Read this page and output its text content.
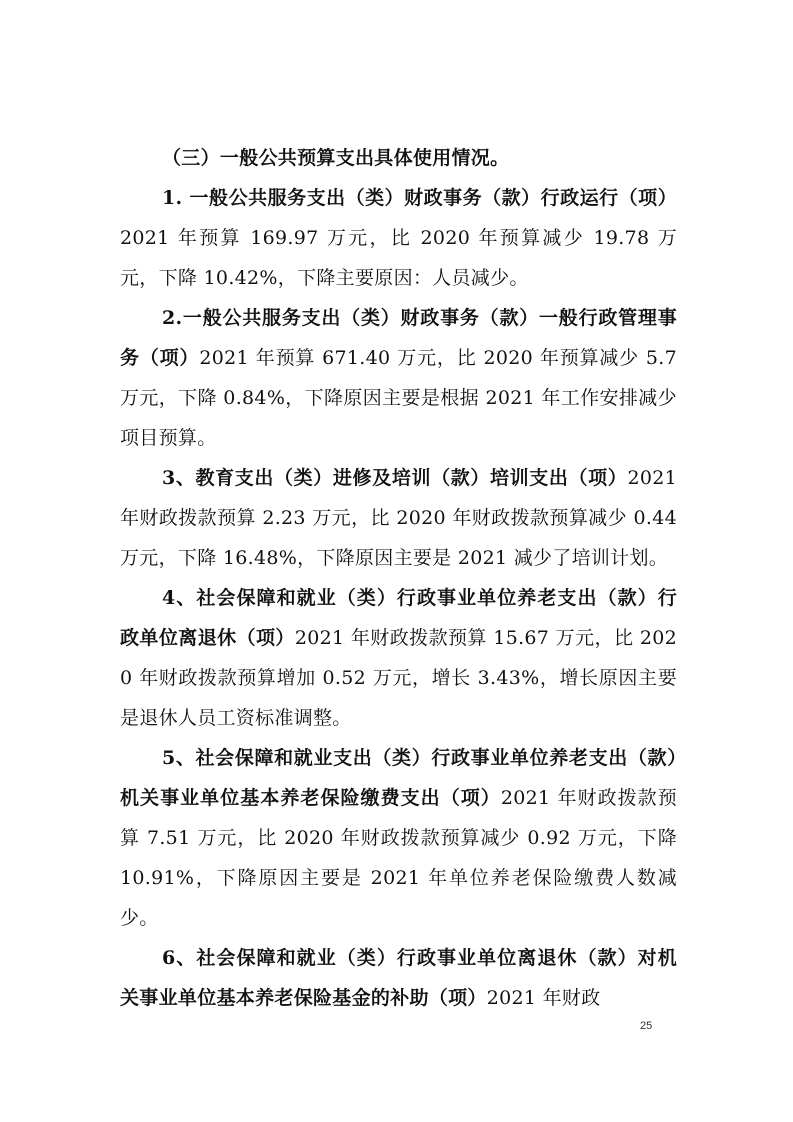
（三）一般公共预算支出具体使用情况。

1. 一般公共服务支出（类）财政事务（款）行政运行（项）2021 年预算 169.97 万元，比 2020 年预算减少 19.78 万元，下降 10.42%，下降主要原因：人员减少。

2.一般公共服务支出（类）财政事务（款）一般行政管理事务（项）2021 年预算 671.40 万元，比 2020 年预算减少 5.7 万元，下降 0.84%，下降原因主要是根据 2021 年工作安排减少项目预算。

3、教育支出（类）进修及培训（款）培训支出（项）2021 年财政拨款预算 2.23 万元，比 2020 年财政拨款预算减少 0.44 万元，下降 16.48%，下降原因主要是 2021 减少了培训计划。

4、社会保障和就业（类）行政事业单位养老支出（款）行政单位离退休（项）2021 年财政拨款预算 15.67 万元，比 2020 年财政拨款预算增加 0.52 万元，增长 3.43%，增长原因主要是退休人员工资标准调整。

5、社会保障和就业支出（类）行政事业单位养老支出（款）机关事业单位基本养老保险缴费支出（项）2021 年财政拨款预算 7.51 万元，比 2020 年财政拨款预算减少 0.92 万元，下降 10.91%，下降原因主要是 2021 年单位养老保险缴费人数减少。

6、社会保障和就业（类）行政事业单位离退休（款）对机关事业单位基本养老保险基金的补助（项）2021 年财政

25
